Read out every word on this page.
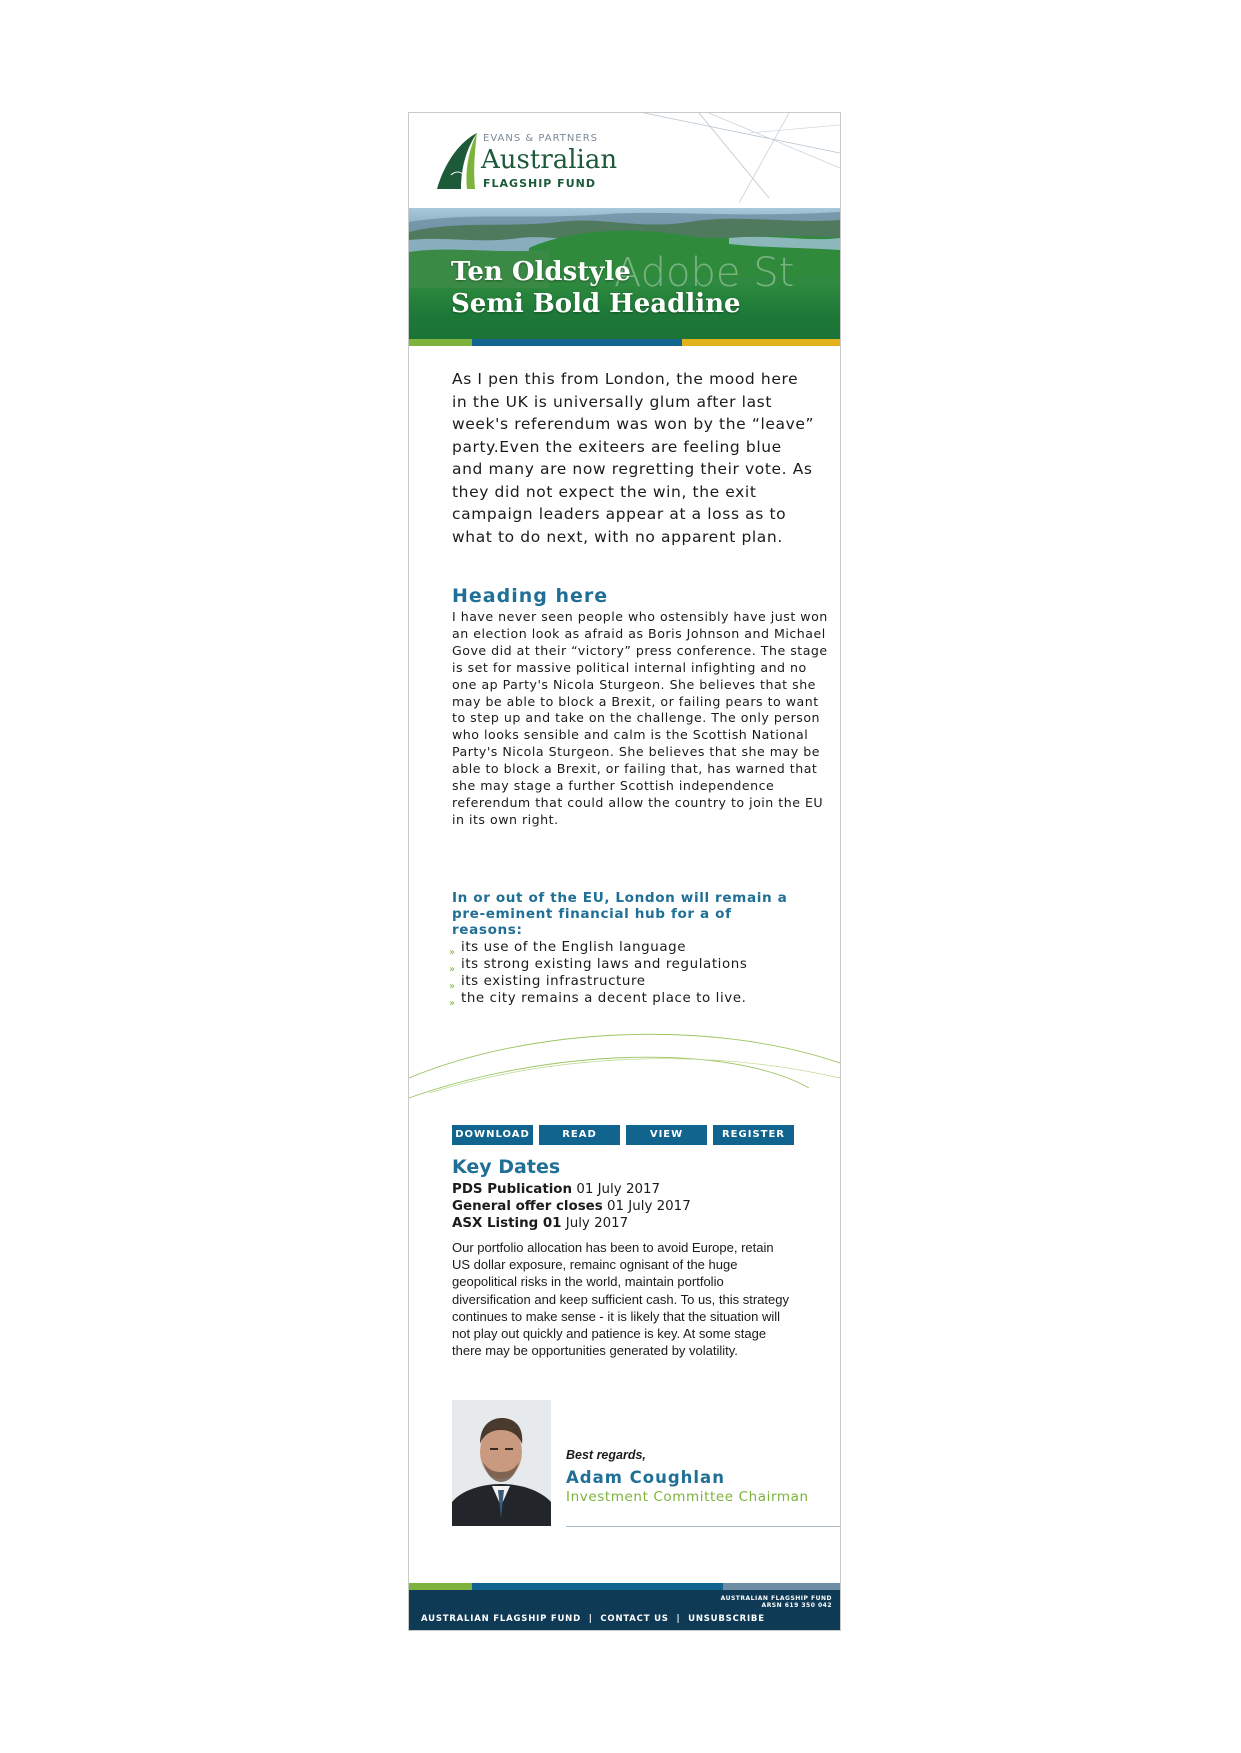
EVANS & PARTNERS
Australian
FLAGSHIP FUND
Adobe St
Ten Oldstyle
Semi Bold Headline

As I pen this from London, the mood here in the UK is universally glum after last week's referendum was won by the “leave” party.Even the exiteers are feeling blue and many are now regretting their vote. As they did not expect the win, the exit campaign leaders appear at a loss as to what to do next, with no apparent plan.

Heading here

I have never seen people who ostensibly have just won an election look as afraid as Boris Johnson and Michael Gove did at their “victory” press conference. The stage is set for massive political internal infighting and no one ap Party's Nicola Sturgeon. She believes that she may be able to block a Brexit, or failing pears to want to step up and take on the challenge. The only person who looks sensible and calm is the Scottish National Party's Nicola Sturgeon. She believes that she may be able to block a Brexit, or failing that, has warned that she may stage a further Scottish independence referendum that could allow the country to join the EU in its own right.

In or out of the EU, London will remain a pre-eminent financial hub for a of reasons:
» its use of the English language
» its strong existing laws and regulations
» its existing infrastructure
» the city remains a decent place to live.
DOWNLOAD	READ	VIEW	REGISTER
Key Dates
PDS Publication 01 July 2017
General offer closes 01 July 2017
ASX Listing 01 July 2017

Our portfolio allocation has been to avoid Europe, retain US dollar exposure, remainc ognisant of the huge geopolitical risks in the world, maintain portfolio diversification and keep sufficient cash. To us, this strategy continues to make sense - it is likely that the situation will not play out quickly and patience is key. At some stage there may be opportunities generated by volatility.

Best regards,
Adam Coughlan
Investment Committee Chairman
AUSTRALIAN FLAGSHIP FUND
ARSN 619 350 042
AUSTRALIAN FLAGSHIP FUND | CONTACT US | UNSUBSCRIBE
